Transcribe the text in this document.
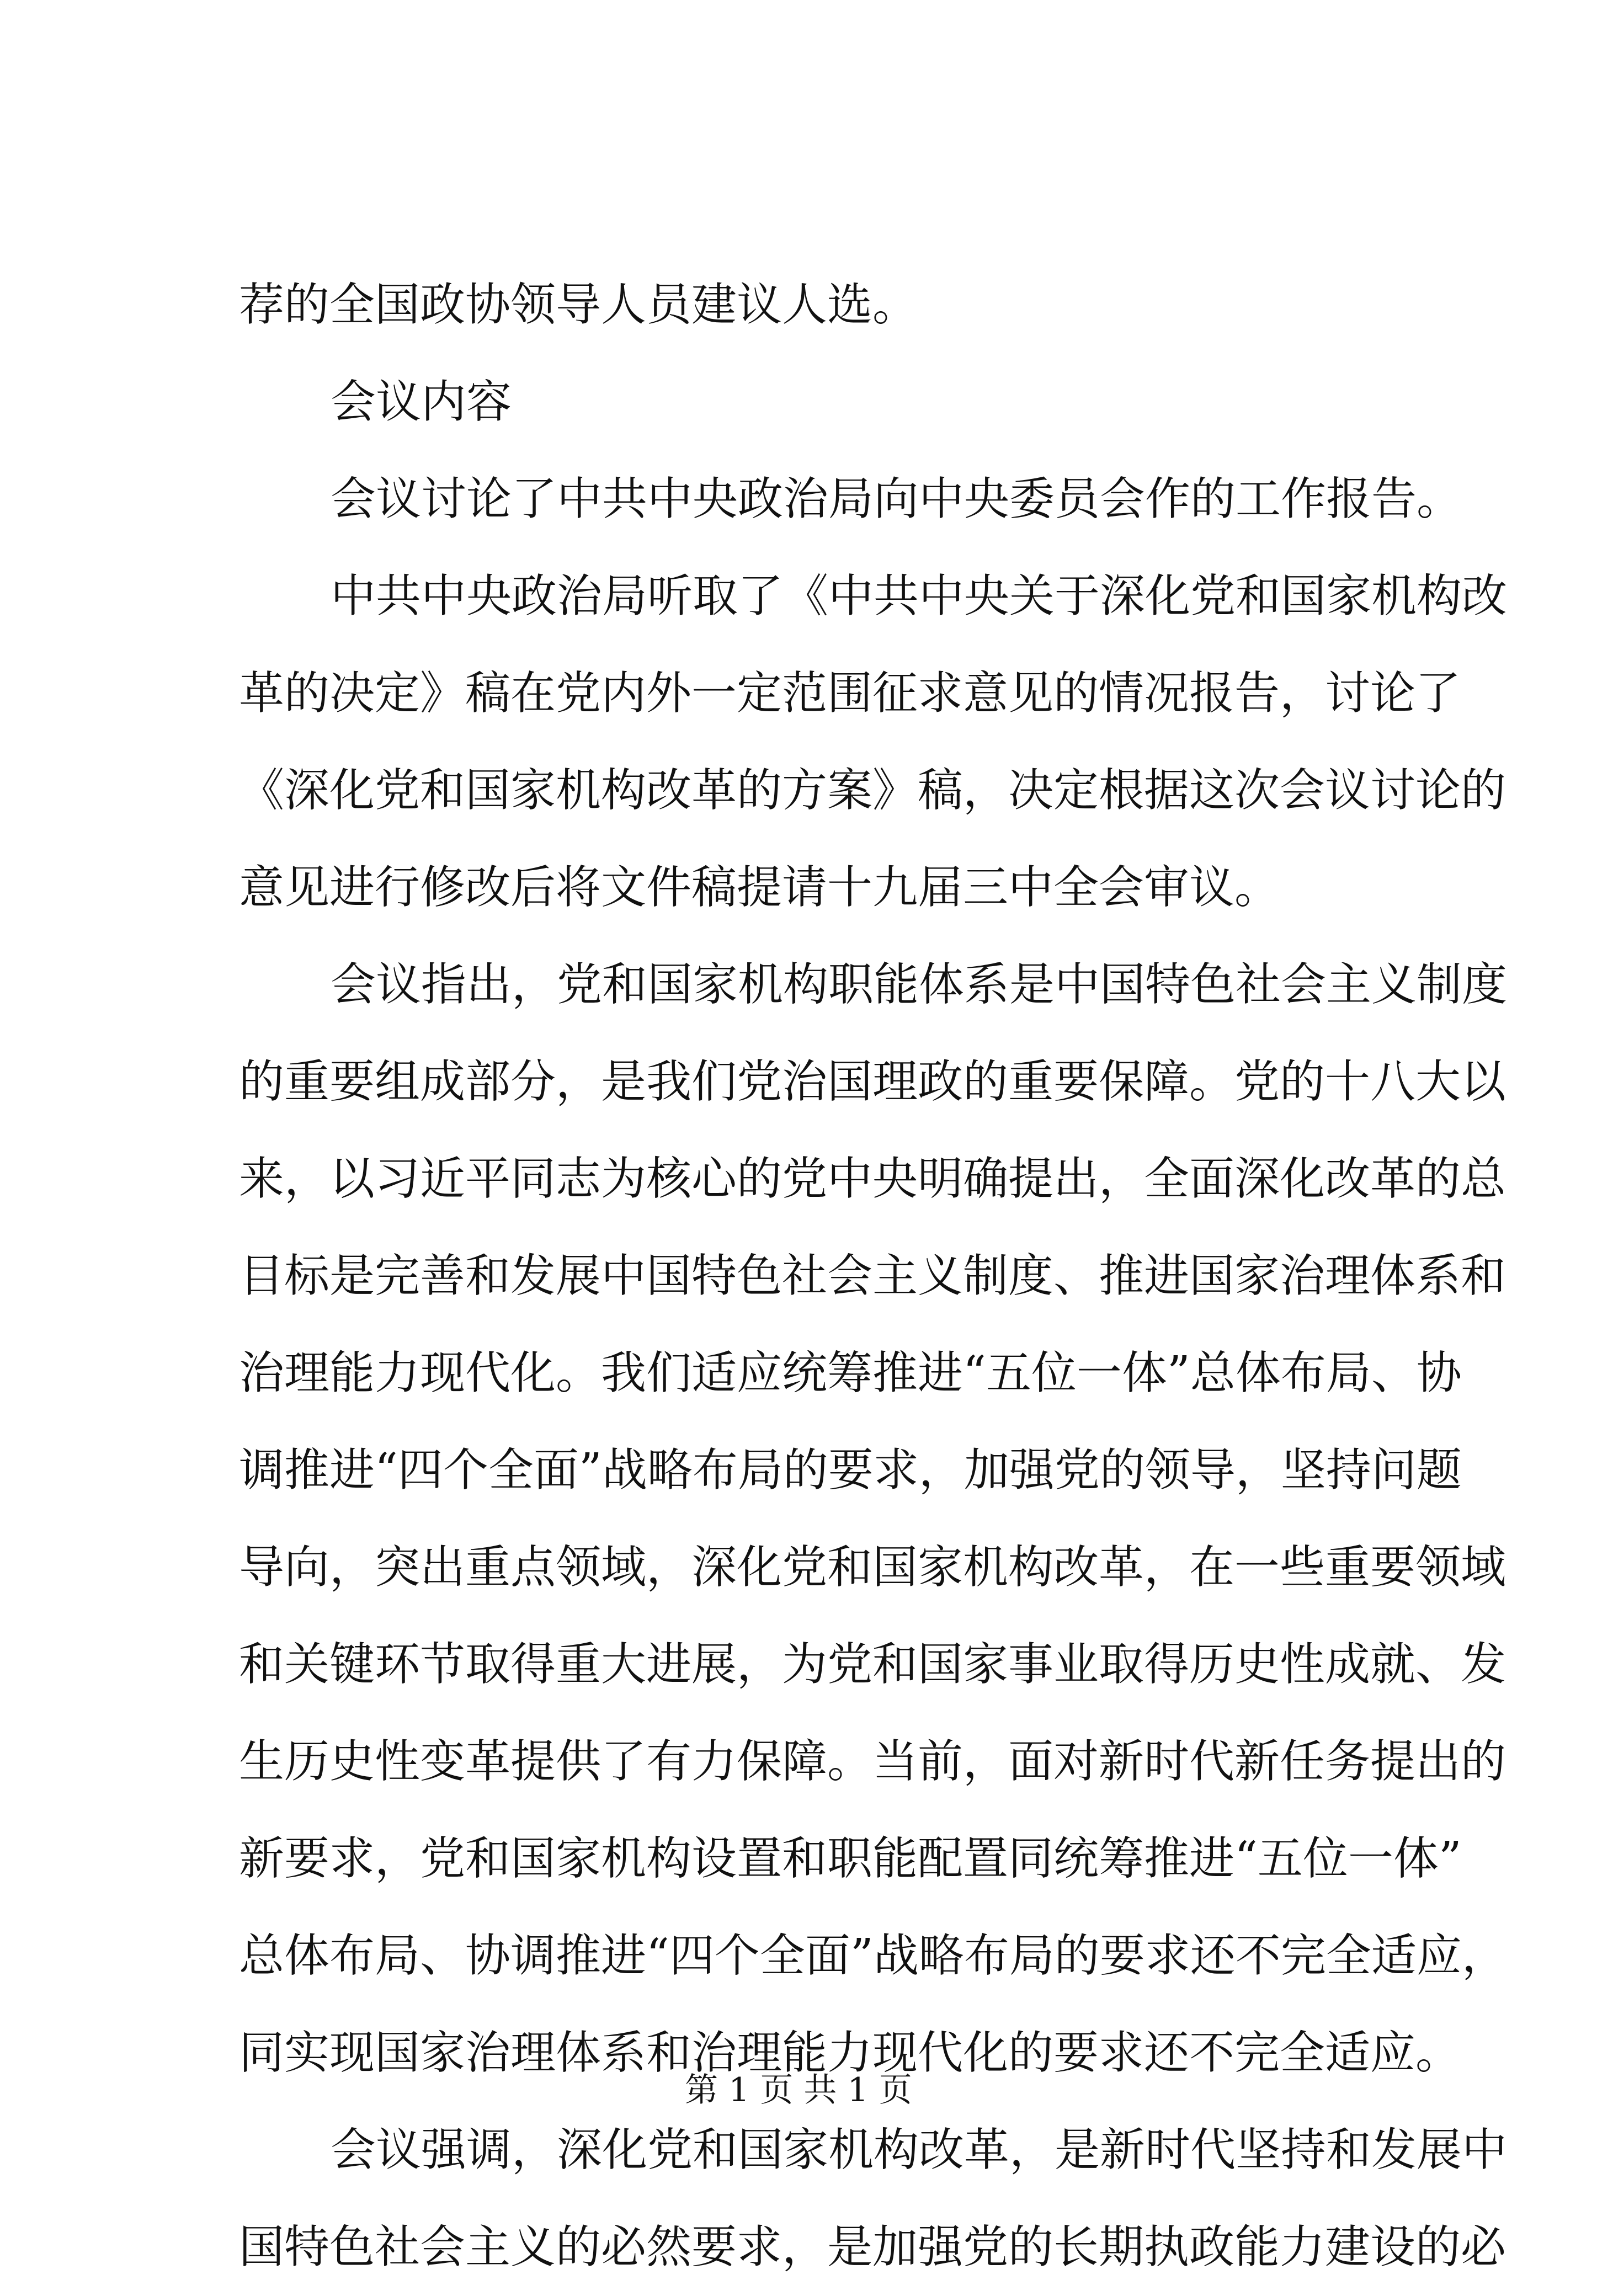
荐的全国政协领导人员建议人选。
会议内容
会议讨论了中共中央政治局向中央委员会作的工作报告。
中共中央政治局听取了《中共中央关于深化党和国家机构改
革的决定》稿在党内外一定范围征求意见的情况报告，讨论了
《深化党和国家机构改革的方案》稿，决定根据这次会议讨论的
意见进行修改后将文件稿提请十九届三中全会审议。
会议指出，党和国家机构职能体系是中国特色社会主义制度
的重要组成部分，是我们党治国理政的重要保障。党的十八大以
来，以习近平同志为核心的党中央明确提出，全面深化改革的总
目标是完善和发展中国特色社会主义制度、推进国家治理体系和
治理能力现代化。我们适应统筹推进“五位一体”总体布局、协
调推进“四个全面”战略布局的要求，加强党的领导，坚持问题
导向，突出重点领域，深化党和国家机构改革，在一些重要领域
和关键环节取得重大进展，为党和国家事业取得历史性成就、发
生历史性变革提供了有力保障。当前，面对新时代新任务提出的
新要求，党和国家机构设置和职能配置同统筹推进“五位一体”
总体布局、协调推进“四个全面”战略布局的要求还不完全适应，
同实现国家治理体系和治理能力现代化的要求还不完全适应。
会议强调，深化党和国家机构改革，是新时代坚持和发展中
国特色社会主义的必然要求，是加强党的长期执政能力建设的必
第 1 页 共 1 页
